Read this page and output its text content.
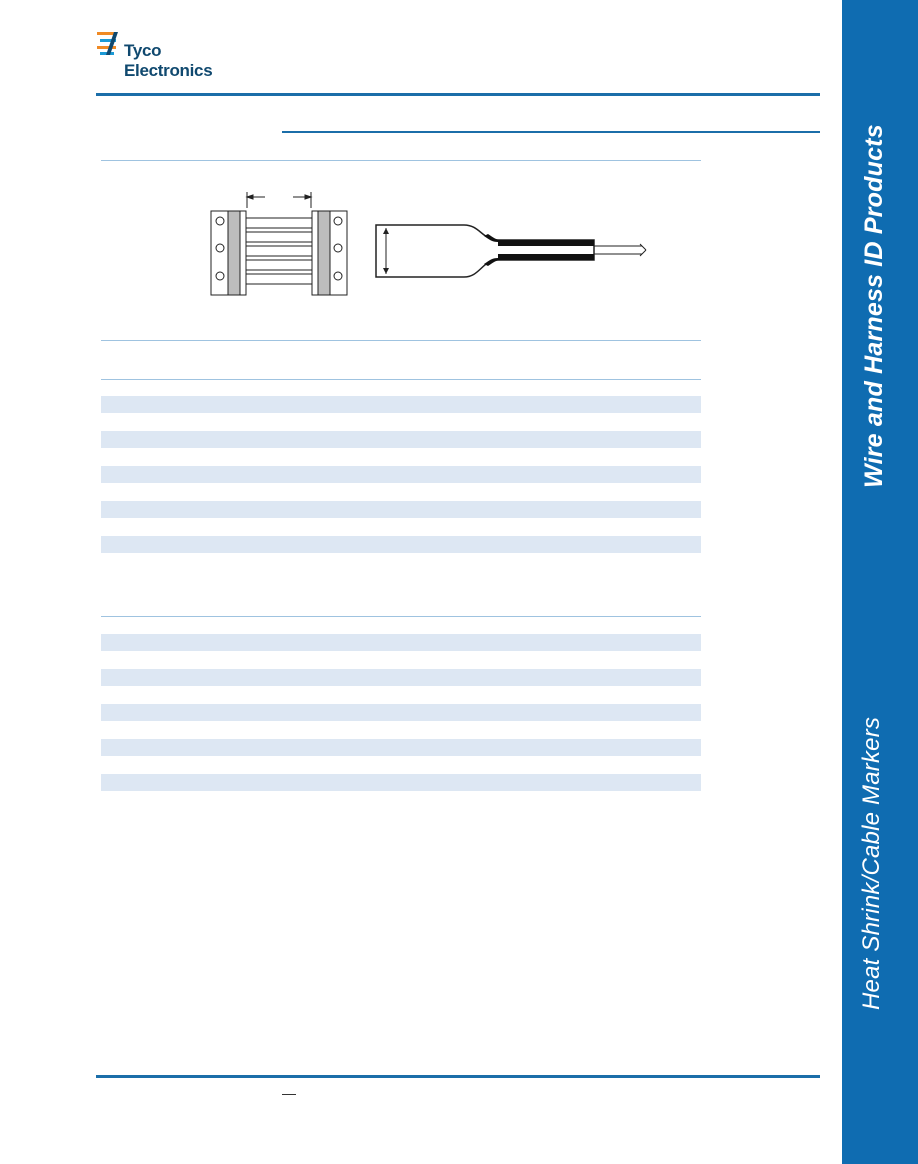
Tyco
Electronics
Wire and Harness ID Products
Heat Shrink/Cable Markers
